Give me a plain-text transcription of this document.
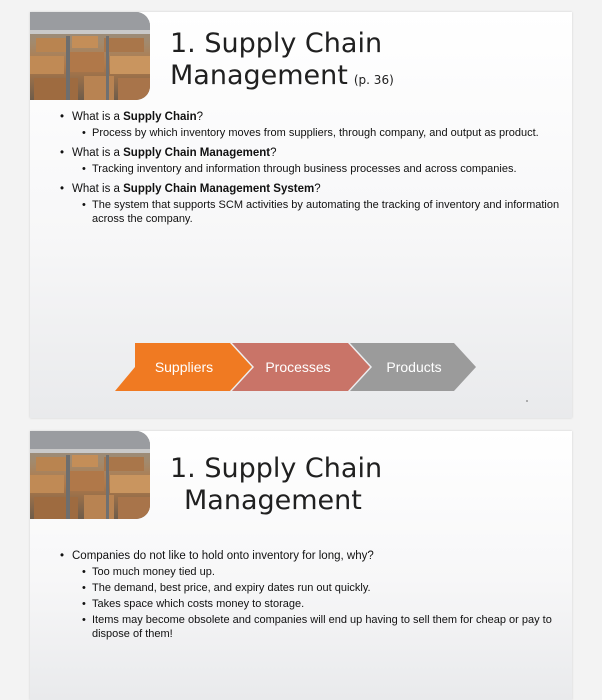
1. Supply Chain
Management (p. 36)
• What is a Supply Chain?
• Process by which inventory moves from suppliers, through company, and output as product.
• What is a Supply Chain Management?
• Tracking inventory and information through business processes and across companies.
• What is a Supply Chain Management System?
• The system that supports SCM activities by automating the tracking of inventory and information across the company.
Suppliers	Processes	Products
1. Supply Chain
Management
• Companies do not like to hold onto inventory for long, why?
• Too much money tied up.
• The demand, best price, and expiry dates run out quickly.
• Takes space which costs money to storage.
• Items may become obsolete and companies will end up having to sell them for cheap or pay to dispose of them!
